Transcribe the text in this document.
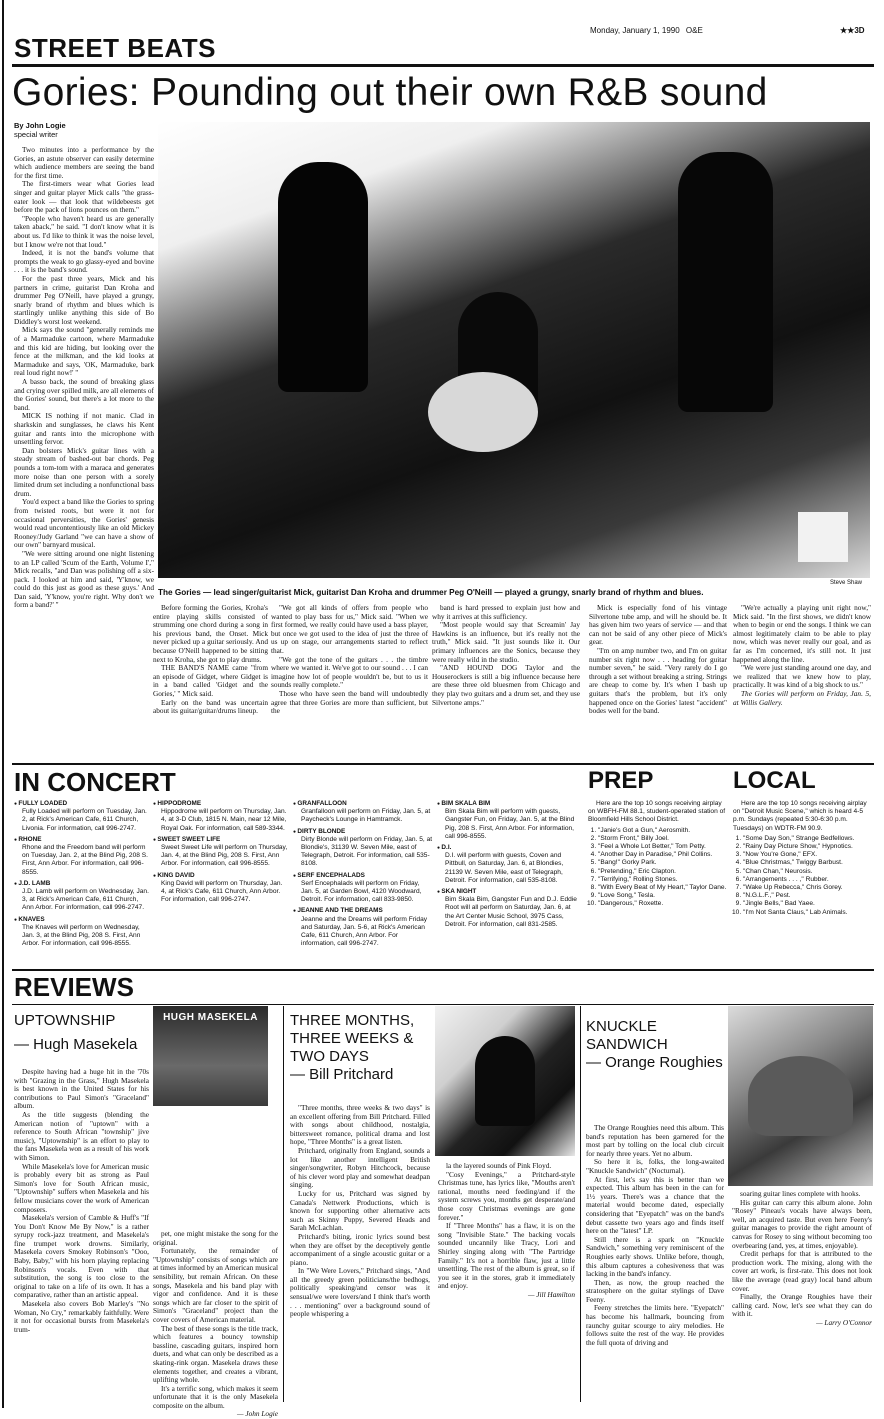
Monday, January 1, 1990 O&E	★★3D
STREET BEATS
Gories: Pounding out their own R&B sound
By John Logie
special writer

Two minutes into a performance by the Gories, an astute observer can easily determine which audience members are seeing the band for the first time.

The first-timers wear what Gories lead singer and guitar player Mick calls "the grass-eater look — that look that wildebeests get before the pack of lions pounces on them."

"People who haven't heard us are generally taken aback," he said. "I don't know what it is about us. I'd like to think it was the noise level, but I know we're not that loud."

Indeed, it is not the band's volume that prompts the weak to go glassy-eyed and bovine . . . it is the band's sound.

For the past three years, Mick and his partners in crime, guitarist Dan Kroha and drummer Peg O'Neill, have played a grungy, snarly brand of rhythm and blues which is startlingly unlike anything this side of Bo Diddley's worst lost weekend.

Mick says the sound "generally reminds me of a Marmaduke cartoon, where Marmaduke and this kid are hiding, but looking over the fence at the milkman, and the kid looks at Marmaduke and says, 'OK, Marmaduke, bark real loud right now!' "

A basso back, the sound of breaking glass and crying over spilled milk, are all elements of the Gories' sound, but there's a lot more to the band.

MICK IS nothing if not manic. Clad in sharkskin and sunglasses, he claws his Kent guitar and rants into the microphone with unsettling fervor.

Dan bolsters Mick's guitar lines with a steady stream of bashed-out bar chords. Peg pounds a tom-tom with a maraca and generates more noise than one person with a sorely limited drum set including a nonfunctional bass drum.

You'd expect a band like the Gories to spring from twisted roots, but were it not for occasional perversities, the Gories' genesis would read uncontentiously like an old Mickey Rooney/Judy Garland "we can have a show of our own" barnyard musical.

"We were sitting around one night listening to an LP called 'Scum of the Earth, Volume I'," Mick recalls, "and Dan was polishing off a six-pack. I looked at him and said, 'Y'know, we could do this just as good as these guys.' And Dan said, 'Y'know, you're right. Why don't we form a band?' "

Steve Shaw
The Gories — lead singer/guitarist Mick, guitarist Dan Kroha and drummer Peg O'Neill — played a grungy, snarly brand of rhythm and blues.

Before forming the Gories, Kroha's entire playing skills consisted of strumming one chord during a song in his previous band, the Onset. Mick never picked up a guitar seriously. And because O'Neill happened to be sitting next to Kroha, she got to play drums.

THE BAND'S NAME came "from an episode of Gidget, where Gidget is in a band called 'Gidget and the Gories,' " Mick said.

Early on the band was uncertain about its guitar/guitar/drums lineup.

"We got all kinds of offers from people who wanted to play bass for us," Mick said. "When we first formed, we really could have used a bass player, but once we got used to the idea of just the three of us up on stage, our arrangements started to reflect that.

"We got the tone of the guitars . . . the timbre where we wanted it. We've got to our sound . . . I can imagine how lot of people wouldn't be, but to us it sounds really complete."

Those who have seen the band will undoubtedly agree that three Gories are more than sufficient, but the

band is hard pressed to explain just how and why it arrives at this sufficiency.

"Most people would say that Screamin' Jay Hawkins is an influence, but it's really not the truth," Mick said. "It just sounds like it. Our primary influences are the Sonics, because they were really wild in the studio.

"AND HOUND DOG Taylor and the Houserockers is still a big influence because here are these three old bluesmen from Chicago and they play two guitars and a drum set, and they use Silvertone amps."

Mick is especially fond of his vintage Silvertone tube amp, and will he should be. It has given him two years of service — and that can not be said of any other piece of Mick's gear.

"I'm on amp number two, and I'm on guitar number six right now . . . heading for guitar number seven," he said. "Very rarely do I go through a set without breaking a string. Strings are cheap to come by. It's when I bash up guitars that's the problem, but it's only happened once on the Gories' latest "accident" bodes well for the band.

"We're actually a playing unit right now," Mick said. "In the first shows, we didn't know when to begin or end the songs. I think we can almost legitimately claim to be able to play now, which was never really our goal, and as far as I'm concerned, it's still not. It just happened along the line.

"We were just standing around one day, and we realized that we knew how to play, practically. It was kind of a big shock to us."

The Gories will perform on Friday, Jan. 5, at Willis Gallery.

IN CONCERT
● FULLY LOADED
Fully Loaded will perform on Tuesday, Jan. 2, at Rick's American Cafe, 611 Church, Livonia. For information, call 996-2747.
● RHONE
Rhone and the Freedom band will perform on Tuesday, Jan. 2, at the Blind Pig, 208 S. First, Ann Arbor. For information, call 996-8555.
● J.D. LAMB
J.D. Lamb will perform on Wednesday, Jan. 3, at Rick's American Cafe, 611 Church, Ann Arbor. For information, call 996-2747.
● KNAVES
The Knaves will perform on Wednesday, Jan. 3, at the Blind Pig, 208 S. First, Ann Arbor. For information, call 996-8555.
● HIPPODROME
Hippodrome will perform on Thursday, Jan. 4, at 3-D Club, 1815 N. Main, near 12 Mile, Royal Oak. For information, call 589-3344.
● SWEET SWEET LIFE
Sweet Sweet Life will perform on Thursday, Jan. 4, at the Blind Pig, 208 S. First, Ann Arbor. For information, call 996-8555.
● KING DAVID
King David will perform on Thursday, Jan. 4, at Rick's Cafe, 611 Church, Ann Arbor. For information, call 996-2747.
● GRANFALLOON
Granfalloon will perform on Friday, Jan. 5, at Paycheck's Lounge in Hamtramck.
● DIRTY BLONDE
Dirty Blonde will perform on Friday, Jan. 5, at Blondie's, 31139 W. Seven Mile, east of Telegraph, Detroit. For information, call 535-8108.
● SERF ENCEPHALADS
Serf Encephalads will perform on Friday, Jan. 5, at Garden Bowl, 4120 Woodward, Detroit. For information, call 833-9850.
● JEANNE AND THE DREAMS
Jeanne and the Dreams will perform Friday and Saturday, Jan. 5-6, at Rick's American Cafe, 611 Church, Ann Arbor. For information, call 996-2747.
● BIM SKALA BIM
Bim Skala Bim will perform with guests, Gangster Fun, on Friday, Jan. 5, at the Blind Pig, 208 S. First, Ann Arbor. For information, call 996-8555.
● D.I.
D.I. will perform with guests, Coven and Pittbull, on Saturday, Jan. 6, at Blondies, 21139 W. Seven Mile, east of Telegraph, Detroit. For information, call 535-8108.
● SKA NIGHT
Bim Skala Bim, Gangster Fun and D.J. Eddie Root will all perform on Saturday, Jan. 6, at the Art Center Music School, 3975 Cass, Detroit. For information, call 831-2585.
PREP
Here are the top 10 songs receiving airplay on WBFH-FM 88.1, student-operated station of Bloomfield Hills School District.
1. "Janie's Got a Gun," Aerosmith.
2. "Storm Front," Billy Joel.
3. "Feel a Whole Lot Better," Tom Petty.
4. "Another Day in Paradise," Phil Collins.
5. "Bang!" Gorky Park.
6. "Pretending," Eric Clapton.
7. "Terrifying," Rolling Stones.
8. "With Every Beat of My Heart," Taylor Dane.
9. "Love Song," Tesla.
10. "Dangerous," Roxette.
LOCAL
Here are the top 10 songs receiving airplay on "Detroit Music Scene," which is heard 4-5 p.m. Sundays (repeated 5:30-6:30 p.m. Tuesdays) on WDTR-FM 90.9.
1. "Some Day Son," Strange Bedfellows.
2. "Rainy Day Picture Show," Hypnotics.
3. "Now You're Gone," EFX.
4. "Blue Christmas," Twiggy Barbust.
5. "Chan Chan," Neurosis.
6. "Arrangements . . . ," Rubber.
7. "Wake Up Rebecca," Chris Gorey.
8. "N.G.L.F.," Pest.
9. "Jingle Bells," Bad Yaee.
10. "I'm Not Santa Claus," Lab Animals.
REVIEWS
UPTOWNSHIP
— Hugh Masekela
HUGH MASEKELA

Despite having had a huge hit in the '70s with "Grazing in the Grass," Hugh Masekela is best known in the United States for his contributions to Paul Simon's "Graceland" album.

As the title suggests (blending the American notion of "uptown" with a reference to South African "township" jive music), "Uptownship" is an effort to play to the fans Masekela won as a result of his work with Simon.

While Masekela's love for American music is probably every bit as strong as Paul Simon's love for South African music, "Uptownship" suffers when Masekela and his fellow musicians cover the work of American composers.

Masekela's version of Camble & Huff's "If You Don't Know Me By Now," is a rather syrupy rock-jazz treatment, and Masekela's fine trumpet work drowns. Similarly, Masekela covers Smokey Robinson's "Ooo, Baby, Baby," with his horn playing replacing Robinson's vocals. Even with that substitution, the song is too close to the original to take on a life of its own. It has a comparative, rather than an artistic appeal.

Masekela also covers Bob Marley's "No Woman, No Cry," remarkably faithfully. Were it not for occasional bursts from Masekela's trum-

pet, one might mistake the song for the original.

Fortunately, the remainder of "Uptownship" consists of songs which are at times informed by an American musical sensibility, but remain African. On these songs, Masekela and his band play with vigor and confidence. And it is these songs which are far closer to the spirit of Simon's "Graceland" project than the cover covers of American material.

The best of these songs is the title track, which features a bouncy township bassline, cascading guitars, inspired horn duets, and what can only be described as a skating-rink organ. Masekela draws these elements together, and creates a vibrant, uplifting whole.

It's a terrific song, which makes it seem unfortunate that it is the only Masekela composite on the album.

— John Logie
THREE MONTHS, THREE WEEKS & TWO DAYS
— Bill Pritchard

"Three months, three weeks & two days" is an excellent offering from Bill Pritchard. Filled with songs about childhood, nostalgia, bittersweet romance, political drama and lost hope, "Three Months" is a great listen.

Pritchard, originally from England, sounds a lot like another intelligent British singer/songwriter, Robyn Hitchcock, because of his clever word play and somewhat deadpan singing.

Lucky for us, Pritchard was signed by Canada's Nettwerk Productions, which is known for supporting other alternative acts such as Skinny Puppy, Severed Heads and Sarah McLachlan.

Pritchard's biting, ironic lyrics sound best when they are offset by the deceptively gentle accompaniment of a single acoustic guitar or a piano.

In "We Were Lovers," Pritchard sings, "And all the greedy green politicians/the bedhogs, politically speaking/and censor was it sensual/we were lovers/and I think that's worth . . . mentioning" over a background sound of people whispering a

la the layered sounds of Pink Floyd.

"Cosy Evenings," a Pritchard-style Christmas tune, has lyrics like, "Mouths aren't rational, mouths need feeding/and if the system screws you, months get desperate/and those cosy Christmas evenings are gone forever."

If "Three Months" has a flaw, it is on the song "Invisible State." The backing vocals sounded uncannily like Tracy, Lori and Shirley singing along with "The Partridge Family." It's not a horrible flaw, just a little unsettling. The rest of the album is great, so if you see it in the stores, grab it immediately and enjoy.

— Jill Hamilton
KNUCKLE SANDWICH
— Orange Roughies

The Orange Roughies need this album. This band's reputation has been garnered for the most part by tolling on the local club circuit for nearly three years. Yet no album.

So here it is, folks, the long-awaited "Knuckle Sandwich" (Nocturnal).

At first, let's say this is better than we expected. This album has been in the can for 1½ years. There's was a chance that the material would become dated, especially considering that "Eyepatch" was on the band's debut cassette two years ago and finds itself here on the "latest" LP.

Still there is a spark on "Knuckle Sandwich," something very reminiscent of the Roughies early shows. Unlike before, though, this album captures a cohesiveness that was lacking in the band's infancy.

Then, as now, the group reached the stratosphere on the guitar stylings of Dave Feeny.

Feeny stretches the limits here. "Eyepatch" has become his hallmark, bouncing from raunchy guitar scourge to airy melodies. He follows suite the rest of the way. He provides the full quota of driving and

soaring guitar lines complete with hooks.

His guitar can carry this album alone. John "Rosey" Pineau's vocals have always been, well, an acquired taste. But even here Feeny's guitar manages to provide the right amount of canvas for Rosey to sing without becoming too overbearing (and, yes, at times, enjoyable).

Credit perhaps for that is attributed to the production work. The mixing, along with the cover art work, is first-rate. This does not look like the average (read gray) local band album cover.

Finally, the Orange Roughies have their calling card. Now, let's see what they can do with it.

— Larry O'Connor
